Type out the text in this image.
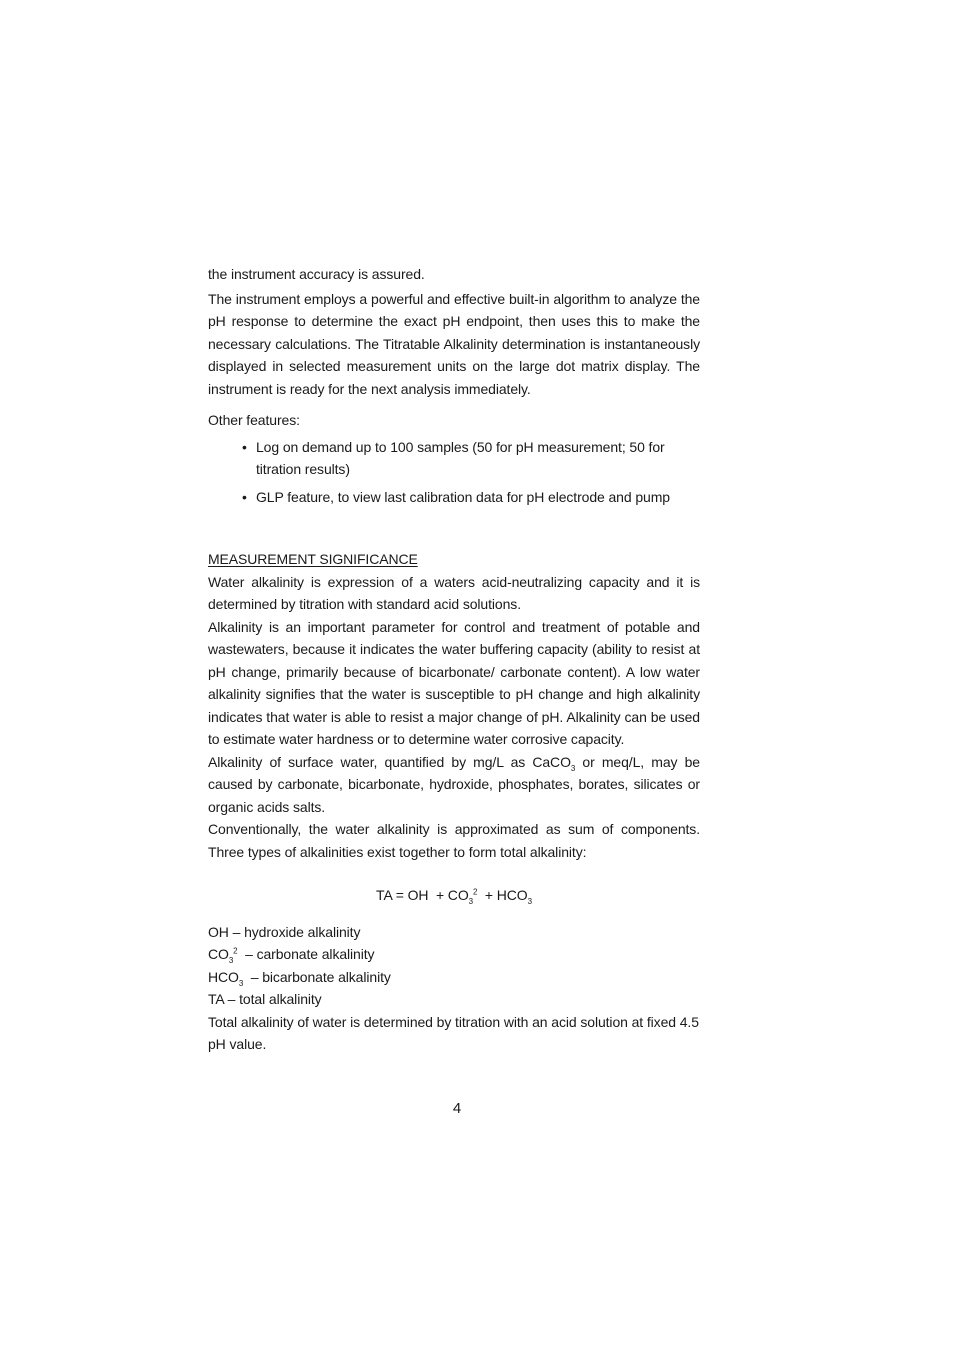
the instrument accuracy is assured.

The instrument employs a powerful and effective built-in algorithm to analyze the pH response to determine the exact pH endpoint, then uses this to make the necessary calculations. The Titratable Alkalinity determination is instantaneously displayed in selected measurement units on the large dot matrix display. The instrument is ready for the next analysis immediately.

Other features:

• Log on demand up to 100 samples (50 for pH measurement; 50 for titration results)
• GLP feature, to view last calibration data for pH electrode and pump

MEASUREMENT SIGNIFICANCE

Water alkalinity is expression of a waters acid-neutralizing capacity and it is determined by titration with standard acid solutions.

Alkalinity is an important parameter for control and treatment of potable and wastewaters, because it indicates the water buffering capacity (ability to resist at pH change, primarily because of bicarbonate/ carbonate content). A low water alkalinity signifies that the water is susceptible to pH change and high alkalinity indicates that water is able to resist a major change of pH. Alkalinity can be used to estimate water hardness or to determine water corrosive capacity.

Alkalinity of surface water, quantified by mg/L as CaCO$_3$ or meq/L, may be caused by carbonate, bicarbonate, hydroxide, phosphates, borates, silicates or organic acids salts.

Conventionally, the water alkalinity is approximated as sum of components. Three types of alkalinities exist together to form total alkalinity:

TA = OH  + $CO_3^2 + HCO_3$

OH – hydroxide alkalinity

$CO_3^2$  – carbonate alkalinity

$HCO_3$  – bicarbonate alkalinity

TA – total alkalinity

Total alkalinity of water is determined by titration with an acid solution at fixed 4.5 pH value.

4
